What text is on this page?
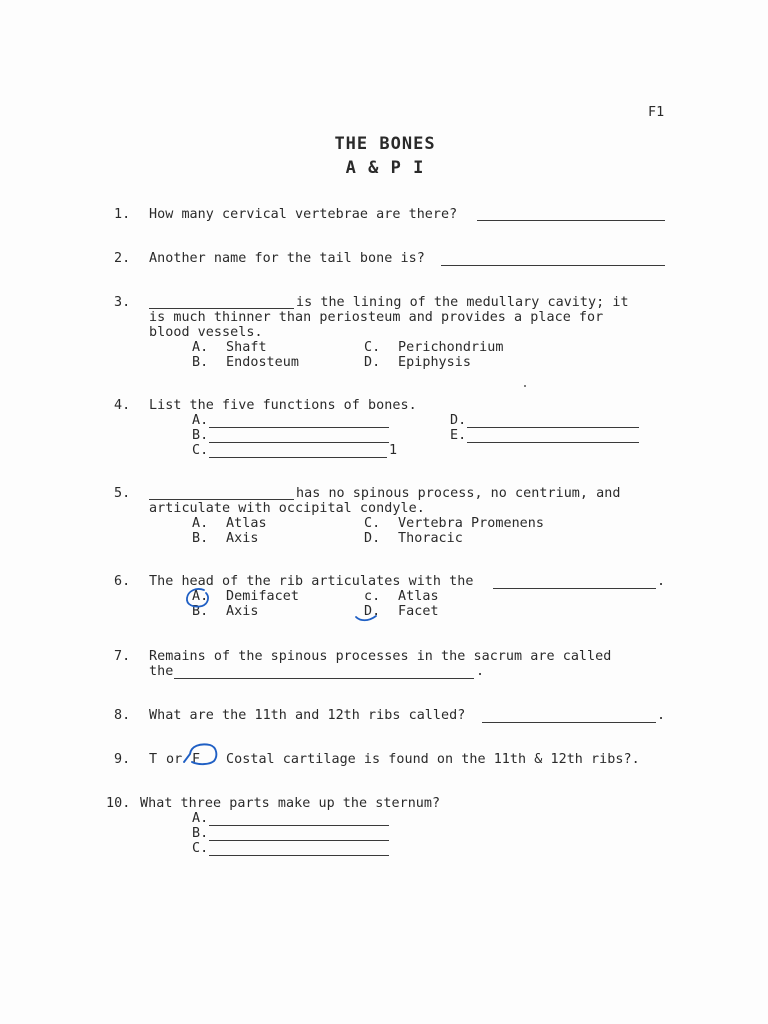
F1
THE BONES
A & P I
1. How many cervical vertebrae are there?
2. Another name for the tail bone is?
3.	is the lining of the medullary cavity; it
is much thinner than periosteum and provides a place for
blood vessels.
A. Shaft
B. Endosteum
C. Perichondrium
D. Epiphysis
4. List the five functions of bones.
A.
B.
C.	1
D.
E.
5.	has no spinous process, no centrium, and
articulate with occipital condyle.
A. Atlas
B. Axis
C. Vertebra Promenens
D. Thoracic
6. The head of the rib articulates with the	.
A. Demifacet
B. Axis
c. Atlas
D. Facet
7. Remains of the spinous processes in the sacrum are called
the	.
8. What are the 11th and 12th ribs called?	.
9. T or F Costal cartilage is found on the 11th & 12th ribs?.
10. What three parts make up the sternum?
A.
B.
C.
